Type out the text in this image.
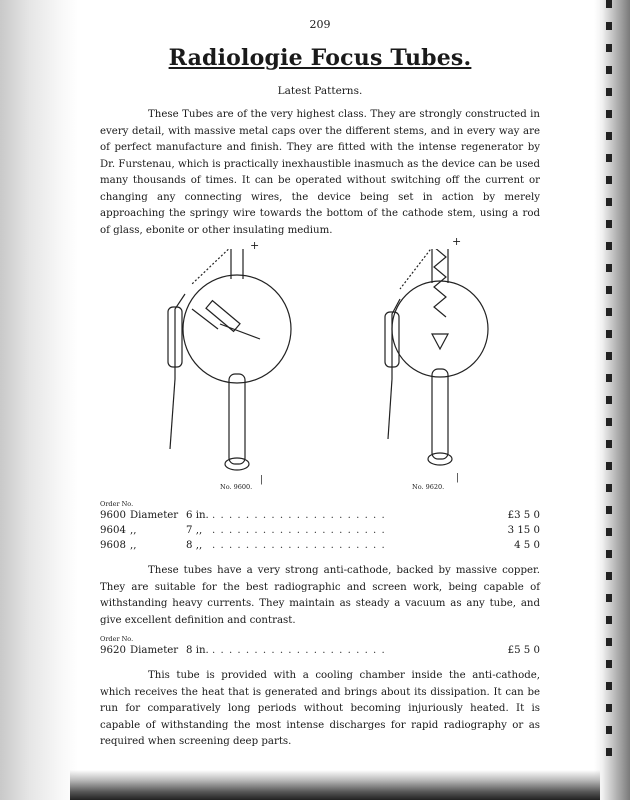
209

Radiologie Focus Tubes.

Latest Patterns.

These Tubes are of the very highest class. They are strongly constructed in every detail, with massive metal caps over the different stems, and in every way are of perfect manufacture and finish. They are fitted with the intense regenerator by Dr. Furstenau, which is practically inexhaustible inasmuch as the device can be used many thousands of times. It can be operated without switching off the current or changing any connecting wires, the device being set in action by merely approaching the springy wire towards the bottom of the cathode stem, using a rod of glass, ebonite or other insulating medium.

No. 9600.	No. 9620.
+	+
|	|

Order No.

9600 Diameter 6 in. . . . . . . . . . . . . . . . . . . . . .	£3 5 0
9604 ,,	7 ,, . . . . . . . . . . . . . . . . . . . . .	3 15 0
9608 ,,	8 ,, . . . . . . . . . . . . . . . . . . . . .	4 5 0

These tubes have a very strong anti-cathode, backed by massive copper. They are suitable for the best radiographic and screen work, being capable of withstanding heavy currents. They maintain as steady a vacuum as any tube, and give excellent definition and contrast.

Order No.

9620 Diameter 8 in. . . . . . . . . . . . . . . . . . . . . .	£5 5 0

This tube is provided with a cooling chamber inside the anti-cathode, which receives the heat that is generated and brings about its dissipation. It can be run for comparatively long periods without becoming injuriously heated. It is capable of withstanding the most intense discharges for rapid radiography or as required when screening deep parts.
